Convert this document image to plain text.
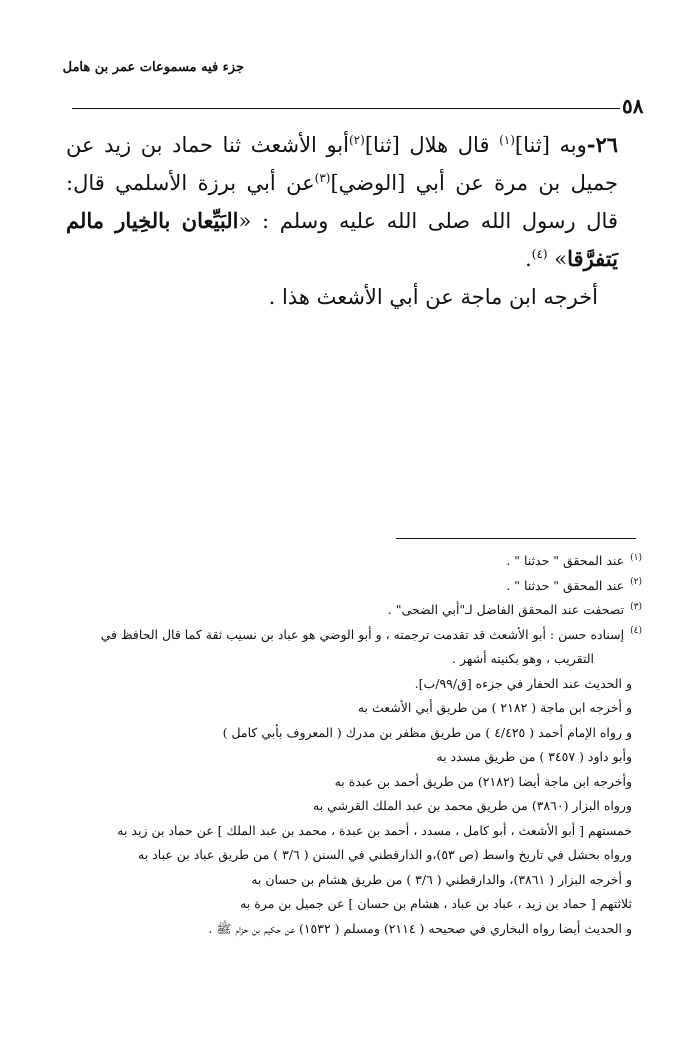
جزء فيه مسموعات عمر بن هامل
٥٨

٢٦-وبه [ثنا]$^{(١)}$ قال هلال [ثنا]$^{(٢)}$أبو الأشعث ثنا حماد بن زيد عن جميل بن مرة عن أبي [الوضي]$^{(٣)}$عن أبي برزة الأسلمي قال: قال رسول الله صلى الله عليه وسلم : «البَيِّعان بالخِيار مالم يَتفرَّقا» $^{(٤)}$.

أخرجه ابن ماجة عن أبي الأشعث هذا .

$^{(١)}$عند المحقق " حدثنا " .

$^{(٢)}$عند المحقق " حدثنا " .

$^{(٣)}$تصحفت عند المحقق الفاضل لـ"أبي الضحى" .

$^{(٤)}$إسناده حسن : أبو الأشعث قد تقدمت ترجمته ، و أبو الوضي هو عباد بن نسيب ثقة كما قال الحافظ في

التقريب ، وهو بكنيته أشهر .

و الحديث عند الحفار في جزءه [ق/٩٩/ب].

و أخرجه ابن ماجة ( ٢١٨٢ ) من طريق أبي الأشعث به

و رواه الإمام أحمد ( ٤/٤٢٥ ) من طريق مظفر بن مدرك ( المعروف بأبي كامل )

وأبو داود ( ٣٤٥٧ ) من طريق مسدد به

وأخرجه ابن ماجة أيضا (٢١٨٢) من طريق أحمد بن عبدة به

ورواه البزار (٣٨٦٠) من طريق محمد بن عبد الملك القرشي به

خمستهم [ أبو الأشعث ، أبو كامل ، مسدد ، أحمد بن عبدة ، محمد بن عبد الملك ] عن حماد بن زيد به

ورواه بحشل في تاريخ واسط (ص ٥٣)،و الدارقطني في السنن ( ٣/٦ ) من طريق عباد بن عباد به

و أخرجه البزار ( ٣٨٦١)، والدارقطني ( ٣/٦ ) من طريق هشام بن حسان به

ثلاثتهم [ حماد بن زيد ، عباد بن عباد ، هشام بن حسان ] عن جميل بن مرة به

و الحديث أيضا رواه البخاري في صحيحه ( ٢١١٤) ومسلم ( ١٥٣٢) عن حكيم بن حزام ﷺ .
